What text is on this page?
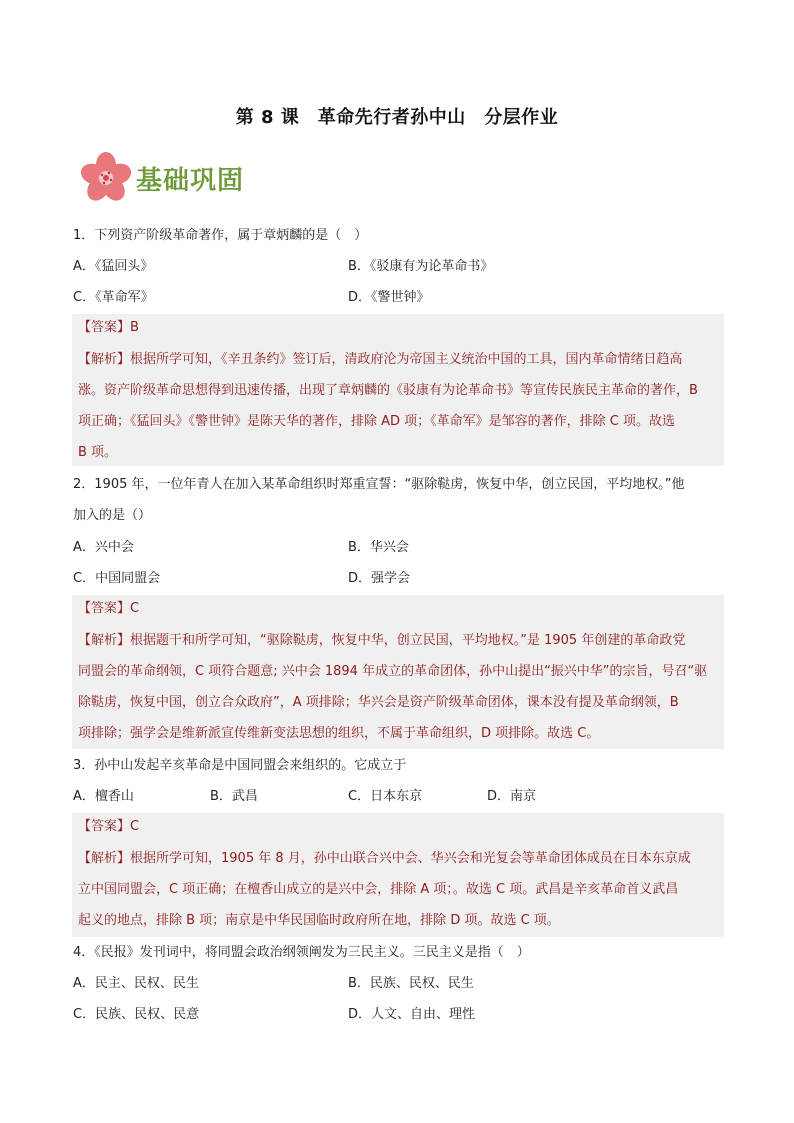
第 8 课　革命先行者孙中山　分层作业
基础巩固
1．下列资产阶级革命著作，属于章炳麟的是（　）
A．《猛回头》	B．《驳康有为论革命书》
C．《革命军》	D．《警世钟》
【答案】B
【解析】根据所学可知，《辛丑条约》签订后，清政府沦为帝国主义统治中国的工具，国内革命情绪日趋高
涨。资产阶级革命思想得到迅速传播，出现了章炳麟的《驳康有为论革命书》等宣传民族民主革命的著作，B
项正确；《猛回头》《警世钟》是陈天华的著作，排除 AD 项；《革命军》是邹容的著作，排除 C 项。故选
B 项。
2．1905 年，一位年青人在加入某革命组织时郑重宣誓：“驱除鞑虏，恢复中华，创立民国，平均地权。”他
加入的是（）
A．兴中会	B．华兴会
C．中国同盟会	D．强学会
【答案】C
【解析】根据题干和所学可知，“驱除鞑虏，恢复中华，创立民国，平均地权。”是 1905 年创建的革命政党
同盟会的革命纲领，C 项符合题意; 兴中会 1894 年成立的革命团体，孙中山提出“振兴中华”的宗旨，号召“驱
除鞑虏，恢复中国，创立合众政府”，A 项排除；华兴会是资产阶级革命团体，课本没有提及革命纲领，B
项排除；强学会是维新派宣传维新变法思想的组织，不属于革命组织，D 项排除。故选 C。
3．孙中山发起辛亥革命是中国同盟会来组织的。它成立于
A．檀香山	B．武昌	C．日本东京	D．南京
【答案】C
【解析】根据所学可知，1905 年 8 月，孙中山联合兴中会、华兴会和光复会等革命团体成员在日本东京成
立中国同盟会，C 项正确；在檀香山成立的是兴中会，排除 A 项；。故选 C 项。武昌是辛亥革命首义武昌
起义的地点，排除 B 项；南京是中华民国临时政府所在地，排除 D 项。故选 C 项。
4．《民报》发刊词中，将同盟会政治纲领阐发为三民主义。三民主义是指（　）
A．民主、民权、民生	B．民族、民权、民生
C．民族、民权、民意	D．人文、自由、理性
